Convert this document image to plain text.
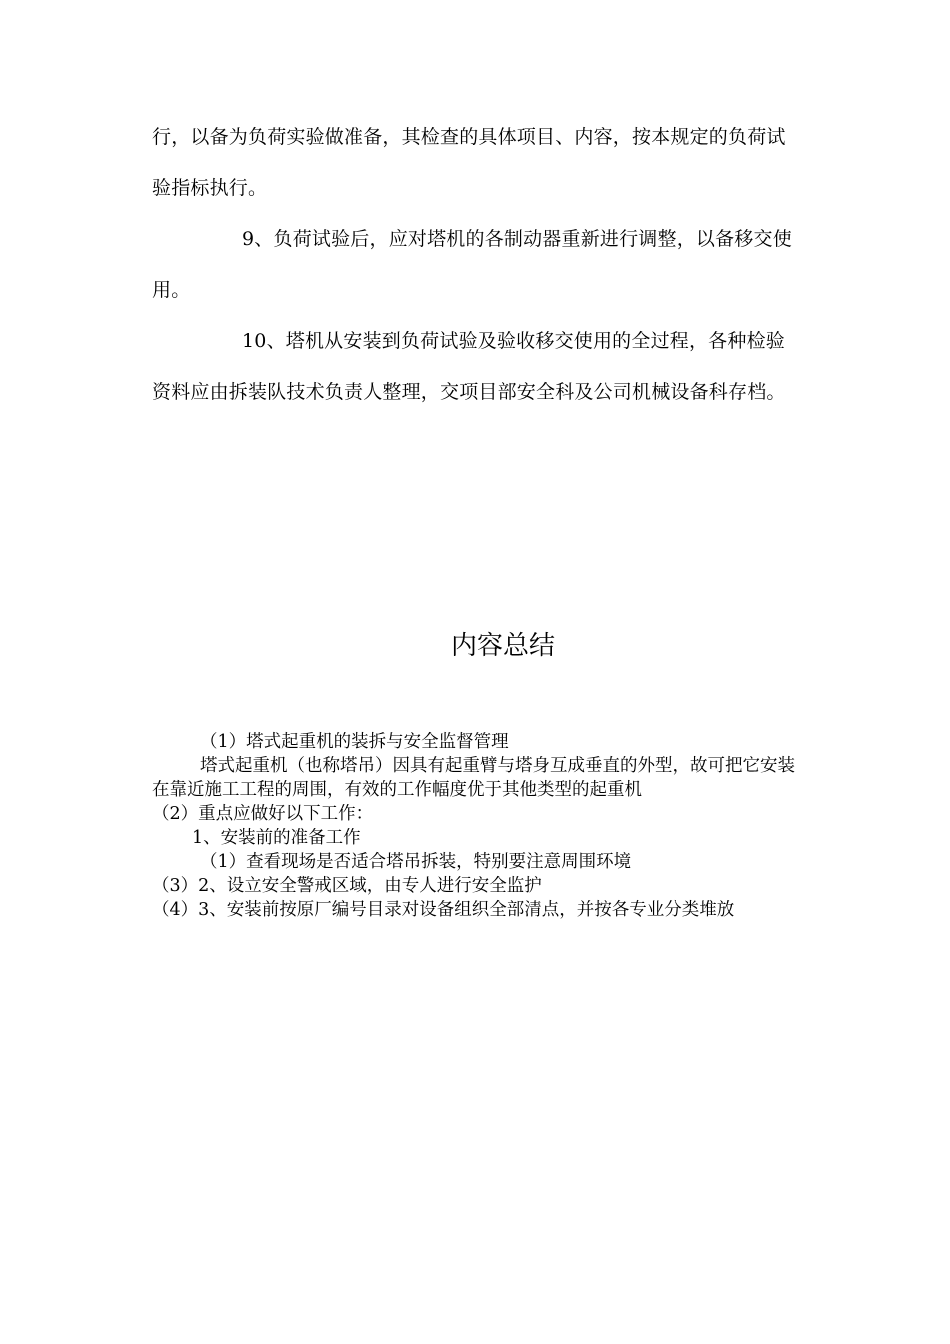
行，以备为负荷实验做准备，其检查的具体项目、内容，按本规定的负荷试验指标执行。

9、负荷试验后，应对塔机的各制动器重新进行调整，以备移交使用。

10、塔机从安装到负荷试验及验收移交使用的全过程，各种检验资料应由拆装队技术负责人整理，交项目部安全科及公司机械设备科存档。

内容总结

（1）塔式起重机的装拆与安全监督管理

塔式起重机（也称塔吊）因具有起重臂与塔身互成垂直的外型，故可把它安装在靠近施工工程的周围，有效的工作幅度优于其他类型的起重机

（2）重点应做好以下工作：

1、安装前的准备工作

（1）查看现场是否适合塔吊拆装，特别要注意周围环境

（3）2、设立安全警戒区域，由专人进行安全监护

（4）3、安装前按原厂编号目录对设备组织全部清点，并按各专业分类堆放
